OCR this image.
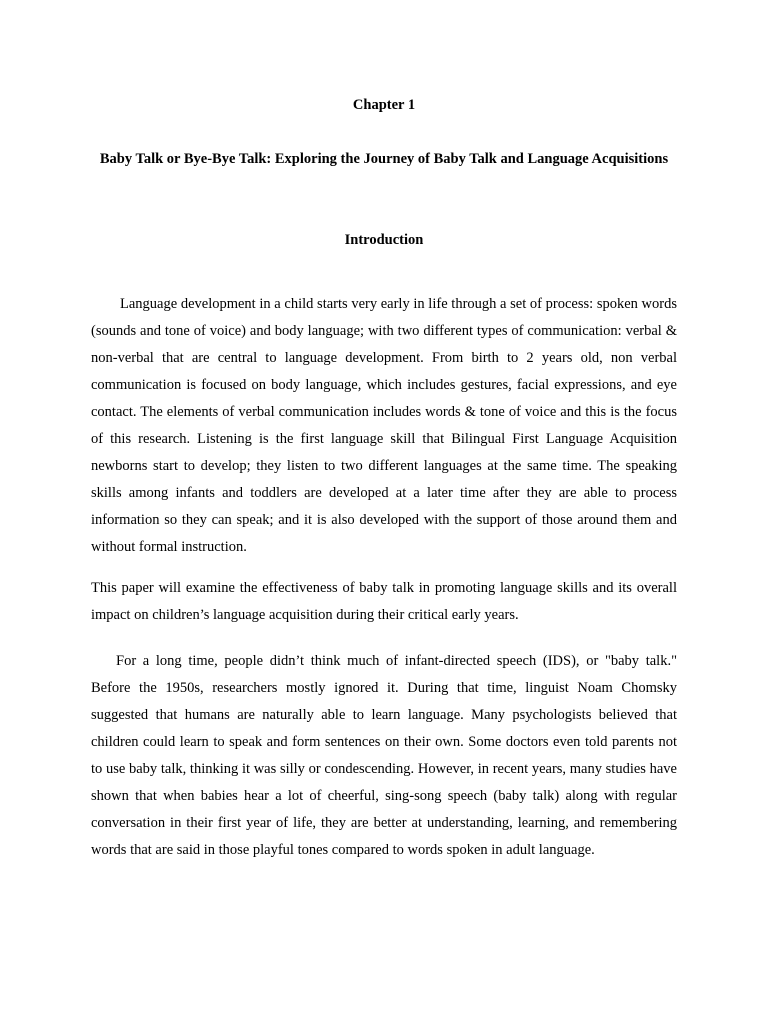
Chapter 1
Baby Talk or Bye-Bye Talk: Exploring the Journey of Baby Talk and Language Acquisitions
Introduction

Language development in a child starts very early in life through a set of process: spoken words (sounds and tone of voice) and body language; with two different types of communication: verbal & non-verbal that are central to language development. From birth to 2 years old, non verbal communication is focused on body language, which includes gestures, facial expressions, and eye contact. The elements of verbal communication includes words & tone of voice and this is the focus of this research. Listening is the first language skill that Bilingual First Language Acquisition newborns start to develop; they listen to two different languages at the same time. The speaking skills among infants and toddlers are developed at a later time after they are able to process information so they can speak; and it is also developed with the support of those around them and without formal instruction.

This paper will examine the effectiveness of baby talk in promoting language skills and its overall impact on children’s language acquisition during their critical early years.

For a long time, people didn’t think much of infant-directed speech (IDS), or "baby talk." Before the 1950s, researchers mostly ignored it. During that time, linguist Noam Chomsky suggested that humans are naturally able to learn language. Many psychologists believed that children could learn to speak and form sentences on their own. Some doctors even told parents not to use baby talk, thinking it was silly or condescending. However, in recent years, many studies have shown that when babies hear a lot of cheerful, sing-song speech (baby talk) along with regular conversation in their first year of life, they are better at understanding, learning, and remembering words that are said in those playful tones compared to words spoken in adult language.
